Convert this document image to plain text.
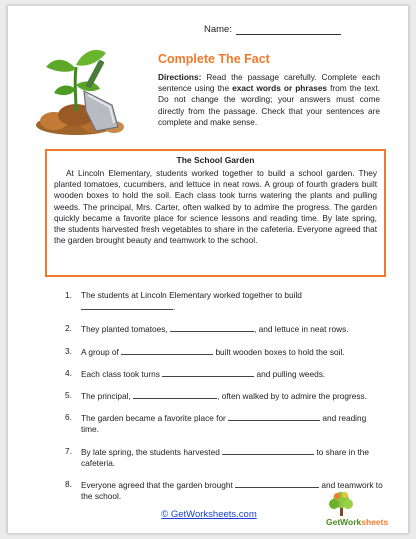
Name :
Complete The Fact
Directions: Read the passage carefully. Complete each sentence using the exact words or phrases from the text. Do not change the wording; your answers must come directly from the passage. Check that your sentences are complete and make sense.
The School Garden
At Lincoln Elementary, students worked together to build a school garden. They planted tomatoes, cucumbers, and lettuce in neat rows. A group of fourth graders built wooden boxes to hold the soil. Each class took turns watering the plants and pulling weeds. The principal, Mrs. Carter, often walked by to admire the progress. The garden quickly became a favorite place for science lessons and reading time. By late spring, the students harvested fresh vegetables to share in the cafeteria. Everyone agreed that the garden brought beauty and teamwork to the school.
1. The students at Lincoln Elementary worked together to build
.
2. They planted tomatoes,	, and lettuce in neat rows.
3. A group of	built wooden boxes to hold the soil.
4. Each class took turns	and pulling weeds.
5. The principal,	, often walked by to admire the progress.
6. The garden became a favorite place for	and reading time.
7. By late spring, the students harvested	to share in the cafeteria.
8. Everyone agreed that the garden brought	and teamwork to the school.
© GetWorksheets.com
GetWorksheets
